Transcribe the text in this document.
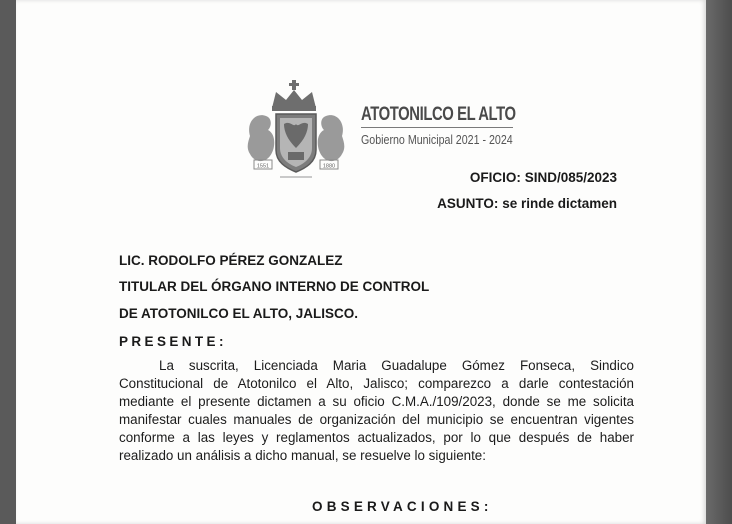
1551	1880
ATOTONILCO EL ALTO
Gobierno Municipal 2021 - 2024
OFICIO: SIND/085/2023
ASUNTO: se rinde dictamen
LIC. RODOLFO PÉREZ GONZALEZ
TITULAR DEL ÓRGANO INTERNO DE CONTROL
DE ATOTONILCO EL ALTO, JALISCO.
PRESENTE:
La suscrita, Licenciada Maria Guadalupe Gómez Fonseca, Sindico Constitucional de Atotonilco el Alto, Jalisco; comparezco a darle contestación mediante el presente dictamen a su oficio C.M.A./109/2023, donde se me solicita manifestar cuales manuales de organización del municipio se encuentran vigentes conforme a las leyes y reglamentos actualizados, por lo que después de haber realizado un análisis a dicho manual, se resuelve lo siguiente:
OBSERVACIONES:
